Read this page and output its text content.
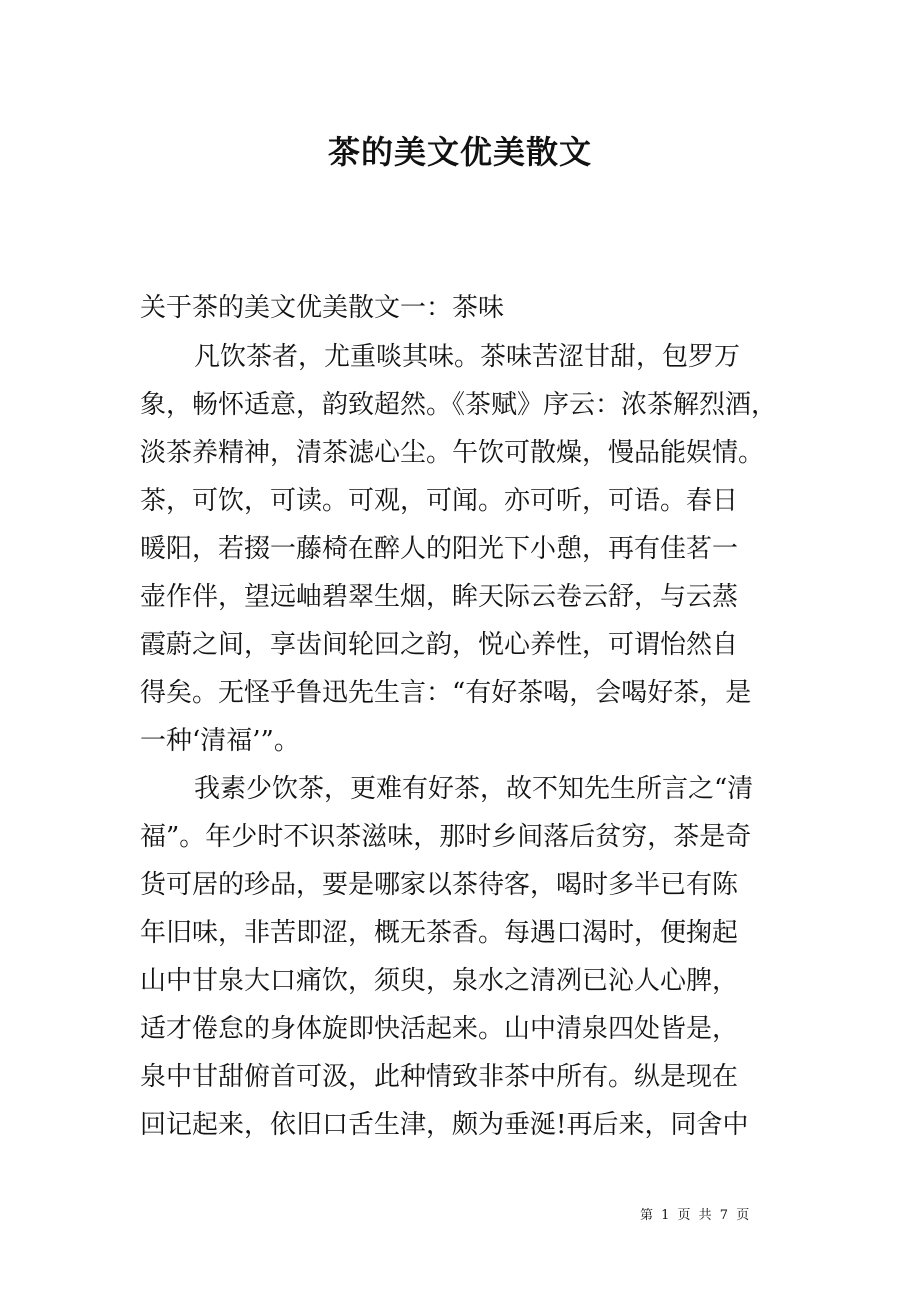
茶的美文优美散文
关于茶的美文优美散文一：茶味
凡饮茶者，尤重啖其味。茶味苦涩甘甜，包罗万
象，畅怀适意，韵致超然。《茶赋》序云：浓茶解烈酒，
淡茶养精神，清茶滤心尘。午饮可散燥，慢品能娱情。
茶，可饮，可读。可观，可闻。亦可听，可语。春日
暖阳，若掇一藤椅在醉人的阳光下小憩，再有佳茗一
壶作伴，望远岫碧翠生烟，眸天际云卷云舒，与云蒸
霞蔚之间，享齿间轮回之韵，悦心养性，可谓怡然自
得矣。无怪乎鲁迅先生言：“有好茶喝，会喝好茶，是
一种‘清福’”。
我素少饮茶，更难有好茶，故不知先生所言之“清
福”。年少时不识茶滋味，那时乡间落后贫穷，茶是奇
货可居的珍品，要是哪家以茶待客，喝时多半已有陈
年旧味，非苦即涩，概无茶香。每遇口渴时，便掬起
山中甘泉大口痛饮，须臾，泉水之清冽已沁人心脾，
适才倦怠的身体旋即快活起来。山中清泉四处皆是，
泉中甘甜俯首可汲，此种情致非茶中所有。纵是现在
回记起来，依旧口舌生津，颇为垂涎!再后来，同舍中
第 1 页 共 7 页
